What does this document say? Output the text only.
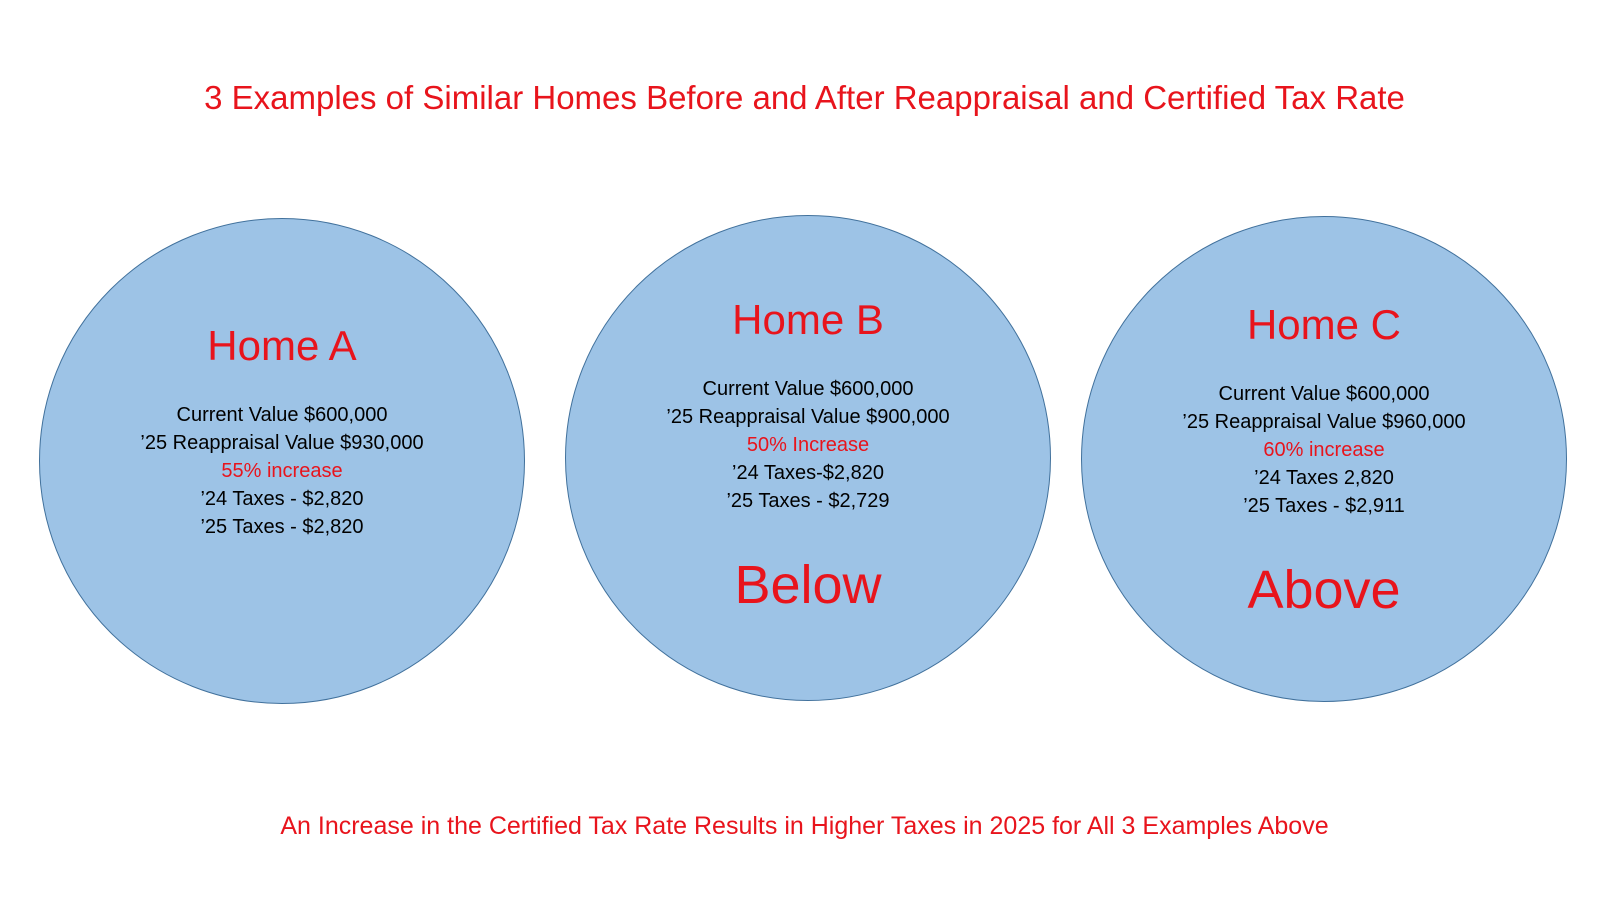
3 Examples of Similar Homes Before and After Reappraisal and Certified Tax Rate
Home A
Current Value $600,000
’25 Reappraisal Value $930,000
55% increase
’24 Taxes - $2,820
’25 Taxes - $2,820
Home B
Current Value $600,000
’25 Reappraisal Value $900,000
50% Increase
’24 Taxes-$2,820
’25 Taxes - $2,729
Below
Home C
Current Value $600,000
’25 Reappraisal Value $960,000
60% increase
’24 Taxes 2,820
’25 Taxes - $2,911
Above
An Increase in the Certified Tax Rate Results in Higher Taxes in 2025 for All 3 Examples Above
